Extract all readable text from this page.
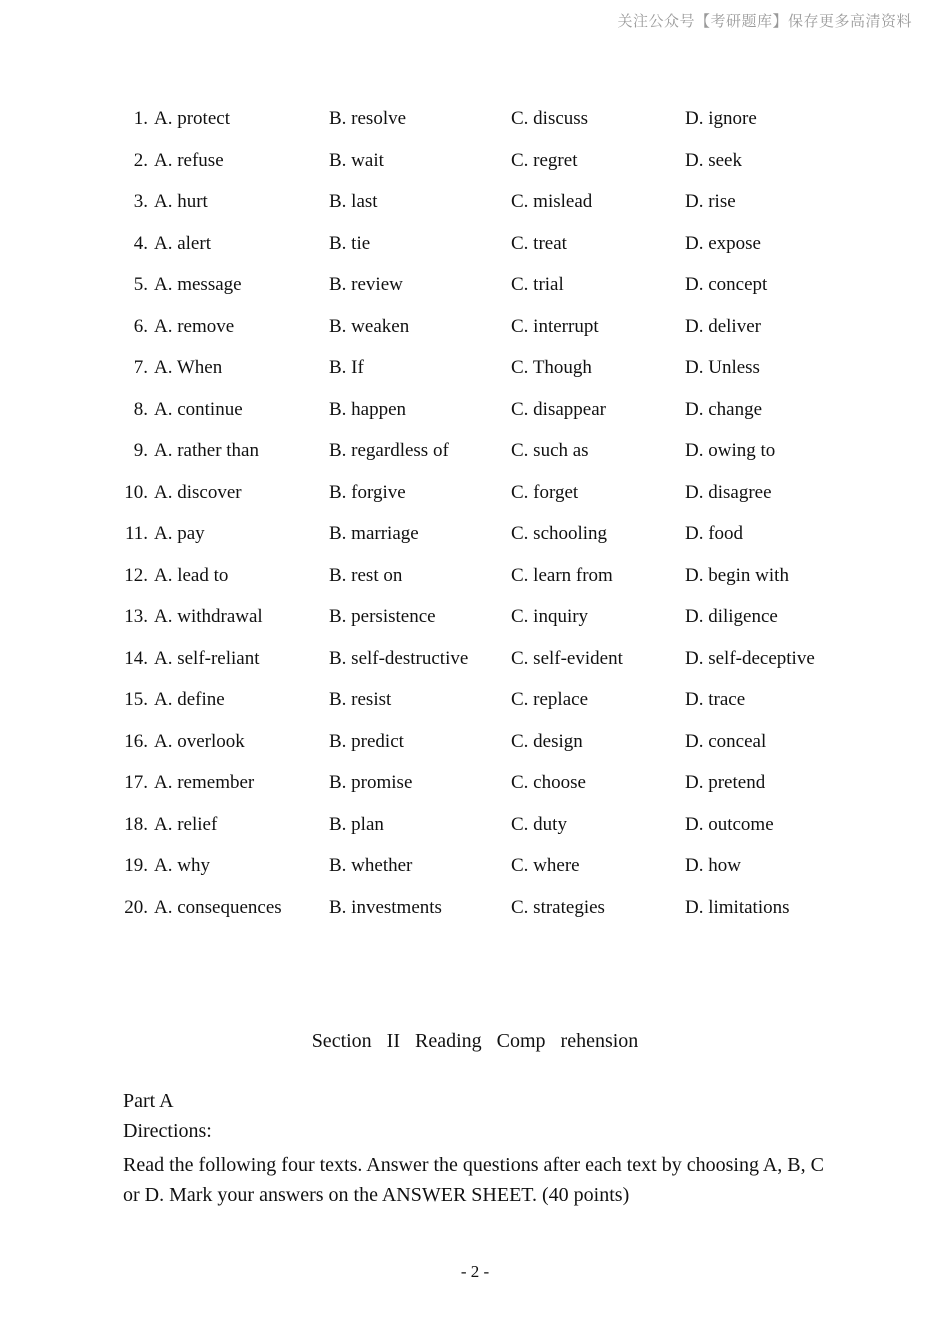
关注公众号【考研题库】保存更多高清资料
1. A. protect	B. resolve	C. discuss	D. ignore
2. A. refuse	B. wait	C. regret	D. seek
3. A. hurt	B. last	C. mislead	D. rise
4. A. alert	B. tie	C. treat	D. expose
5. A. message	B. review	C. trial	D. concept
6. A. remove	B. weaken	C. interrupt	D. deliver
7. A. When	B. If	C. Though	D. Unless
8. A. continue	B. happen	C. disappear	D. change
9. A. rather than	B. regardless of	C. such as	D. owing to
10. A. discover	B. forgive	C. forget	D. disagree
11. A. pay	B. marriage	C. schooling	D. food
12. A. lead to	B. rest on	C. learn from	D. begin with
13. A. withdrawal	B. persistence	C. inquiry	D. diligence
14. A. self-reliant	B. self-destructive C. self-evident	D. self-deceptive
15. A. define	B. resist	C. replace	D. trace
16. A. overlook	B. predict	C. design	D. conceal
17. A. remember	B. promise	C. choose	D. pretend
18. A. relief	B. plan	C. duty	D. outcome
19. A. why	B. whether	C. where	D. how
20. A. consequences B. investments	C. strategies	D. limitations
Section II Reading Comp rehension
Part A
Directions:
Read the following four texts. Answer the questions after each text by choosing A, B, C or D. Mark your answers on the ANSWER SHEET. (40 points)
- 2 -
